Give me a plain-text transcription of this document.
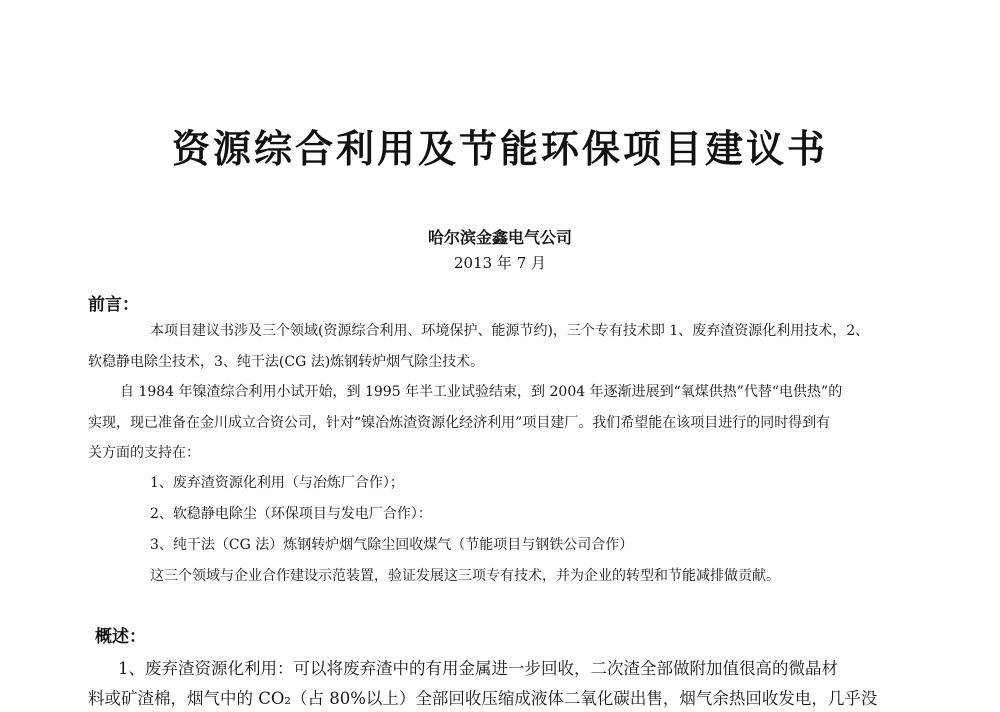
资源综合利用及节能环保项目建议书
哈尔滨金鑫电气公司
2013 年 7 月
前言：
本项目建议书涉及三个领域(资源综合利用、环境保护、能源节约)，三个专有技术即 1、废弃渣资源化利用技术，2、
软稳静电除尘技术，3、纯干法(CG 法)炼钢转炉烟气除尘技术。
自 1984 年镍渣综合利用小试开始，到 1995 年半工业试验结束，到 2004 年逐渐进展到“氧煤供热”代替“电供热”的
实现，现已准备在金川成立合资公司，针对“镍冶炼渣资源化经济利用”项目建厂。我们希望能在该项目进行的同时得到有
关方面的支持在：
1、废弃渣资源化利用（与冶炼厂合作）；
2、软稳静电除尘（环保项目与发电厂合作）：
3、纯干法（CG 法）炼钢转炉烟气除尘回收煤气（节能项目与钢铁公司合作）
这三个领域与企业合作建设示范装置，验证发展这三项专有技术，并为企业的转型和节能减排做贡献。
概述：
1、废弃渣资源化利用：可以将废弃渣中的有用金属进一步回收，二次渣全部做附加值很高的微晶材
料或矿渣棉，烟气中的 CO₂（占 80%以上）全部回收压缩成液体二氧化碳出售，烟气余热回收发电，几乎没
